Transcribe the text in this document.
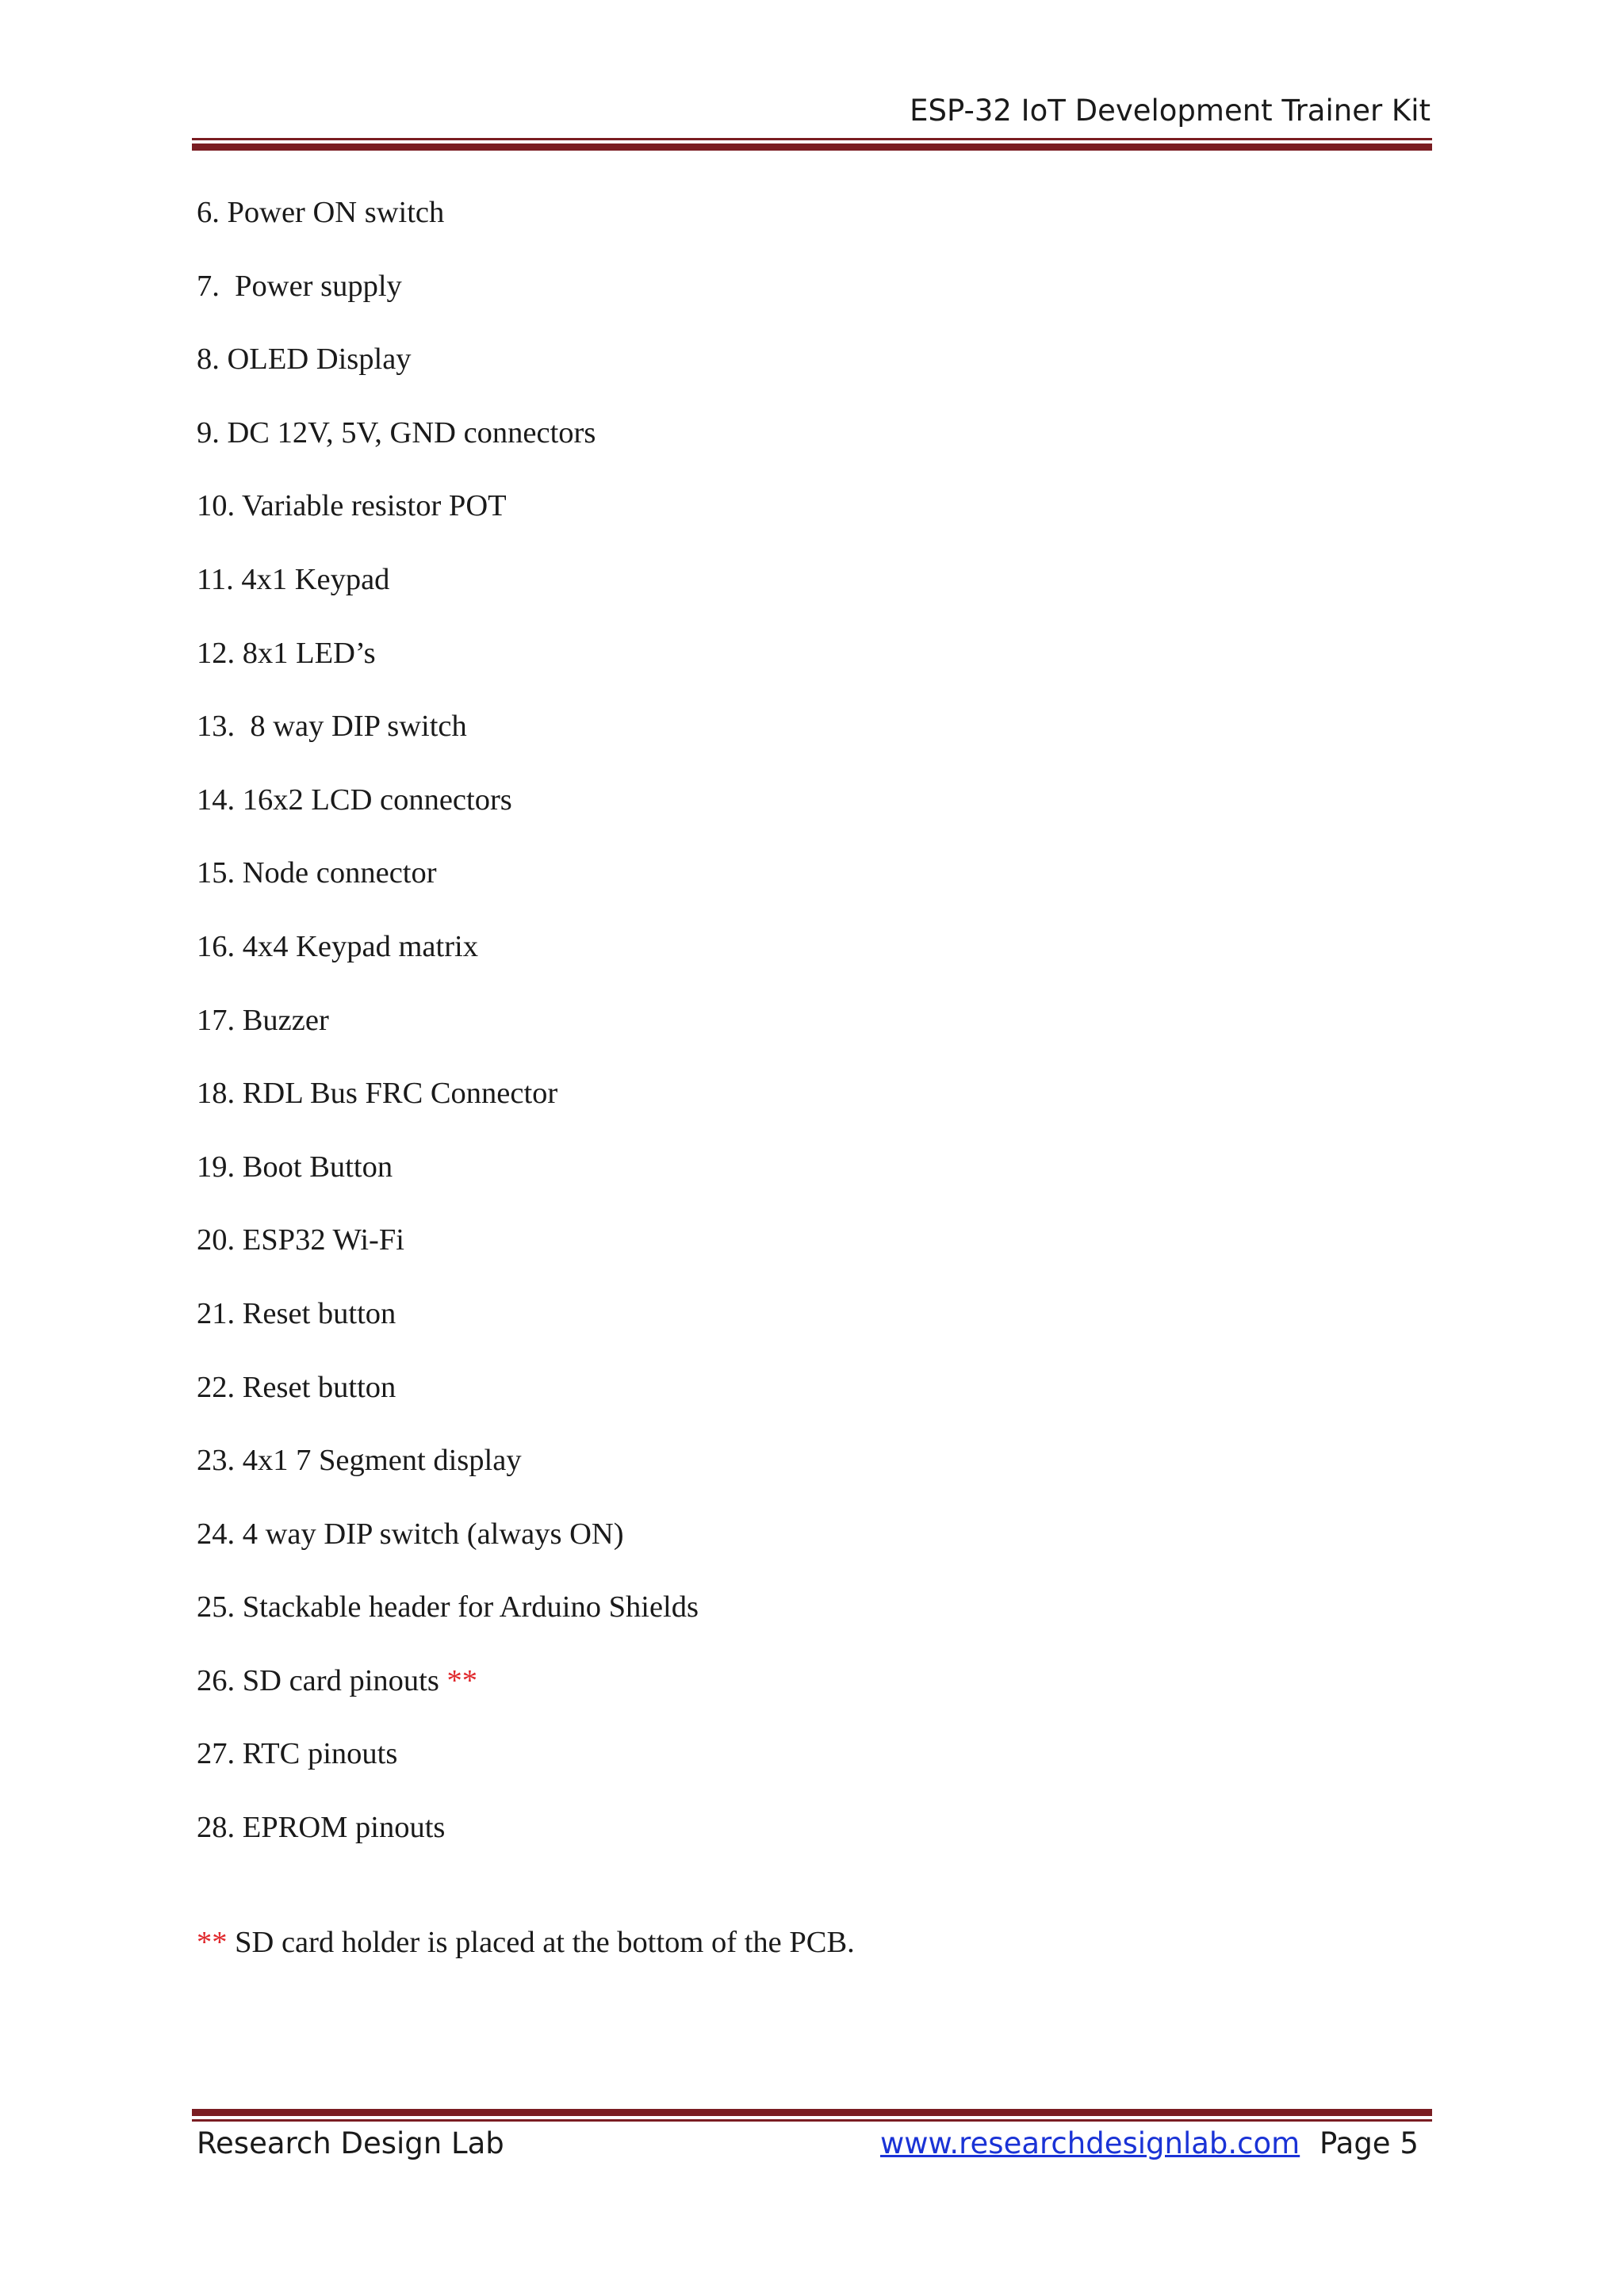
ESP-32 IoT Development Trainer Kit
6. Power ON switch
7.  Power supply
8. OLED Display
9. DC 12V, 5V, GND connectors
10. Variable resistor POT
11. 4x1 Keypad
12. 8x1 LED’s
13.  8 way DIP switch
14. 16x2 LCD connectors
15. Node connector
16. 4x4 Keypad matrix
17. Buzzer
18. RDL Bus FRC Connector
19. Boot Button
20. ESP32 Wi-Fi
21. Reset button
22. Reset button
23. 4x1 7 Segment display
24. 4 way DIP switch (always ON)
25. Stackable header for Arduino Shields
26. SD card pinouts **
27. RTC pinouts
28. EPROM pinouts
** SD card holder is placed at the bottom of the PCB.
Research Design Lab	www.researchdesignlab.com Page 5
